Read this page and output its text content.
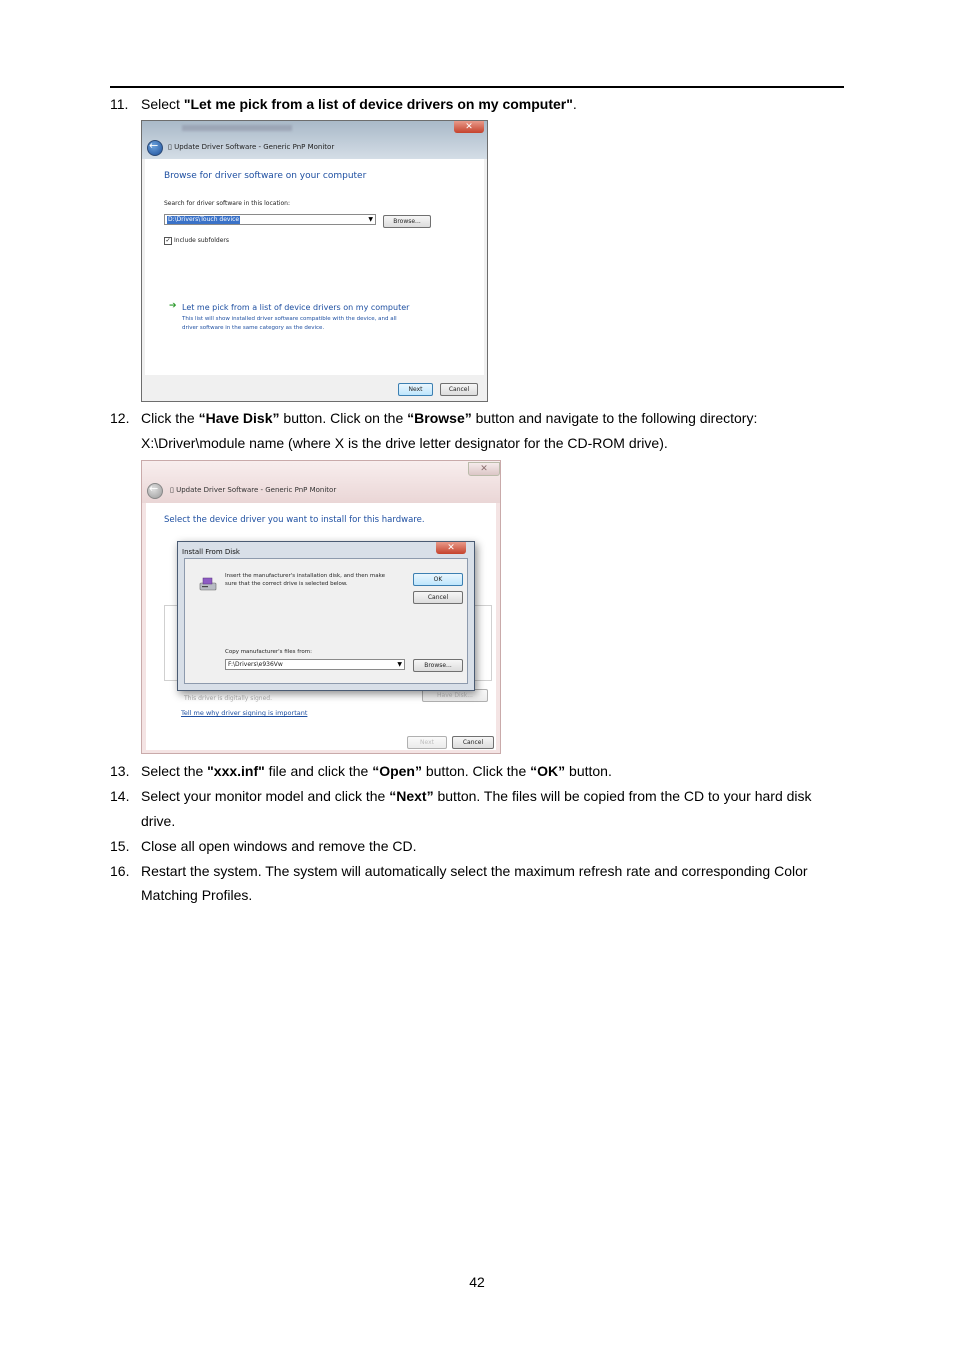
11. Select "Let me pick from a list of device drivers on my computer".
✕
←
▯ Update Driver Software - Generic PnP Monitor
Browse for driver software on your computer
Search for driver software in this location:
D:\Drivers\Touch device	▼	Browse...
✓ Include subfolders
➔ Let me pick from a list of device drivers on my computer
This list will show installed driver software compatible with the device, and all
driver software in the same category as the device.
Next	Cancel
12. Click the “Have Disk” button. Click on the “Browse” button and navigate to the following directory:
X:\Driver\module name (where X is the drive letter designator for the CD-ROM drive).
✕
←
▯ Update Driver Software - Generic PnP Monitor
Select the device driver you want to install for this hardware.
This driver is digitally signed.
Tell me why driver signing is important
Have Disk...
Next	Cancel
Install From Disk	✕
Insert the manufacturer's installation disk, and then make
sure that the correct drive is selected below.
OK
Cancel
Copy manufacturer's files from:
F:\Drivers\e936Vw	▼	Browse...
13. Select the "xxx.inf" file and click the “Open” button. Click the “OK” button.
14. Select your monitor model and click the “Next” button. The files will be copied from the CD to your hard disk
drive.
15. Close all open windows and remove the CD.
16. Restart the system. The system will automatically select the maximum refresh rate and corresponding Color
Matching Profiles.
42
